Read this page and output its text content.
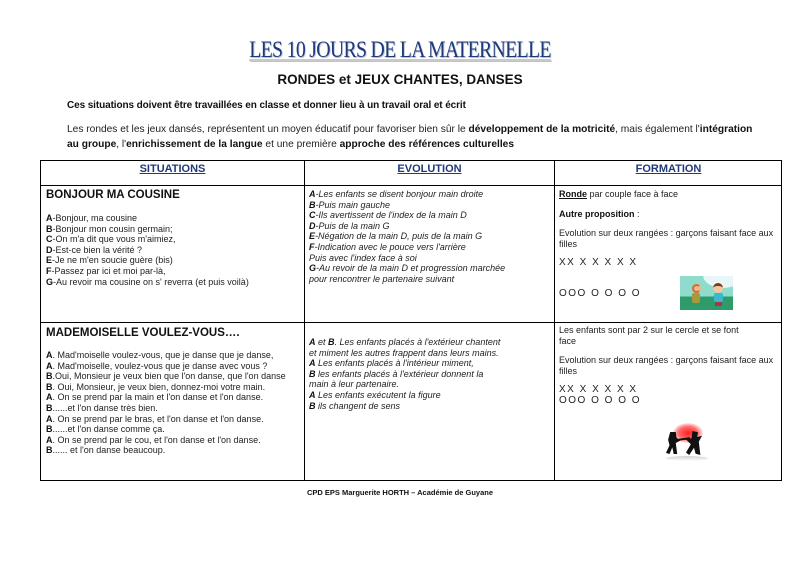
LES 10 JOURS DE LA MATERNELLE
RONDES et JEUX CHANTES, DANSES
Ces situations doivent être travaillées en classe et donner lieu à un travail oral et écrit
Les rondes et les jeux dansés, représentent un moyen éducatif pour favoriser bien sûr le développement de la motricité, mais également l'intégration au groupe, l'enrichissement de la langue et une première approche des références culturelles
SITUATIONS	EVOLUTION	FORMATION
BONJOUR MA COUSINE

A-Bonjour, ma cousine

B-Bonjour mon cousin germain;

C-On m'a dit que vous m'aimiez,

D-Est-ce bien la vérité ?

E-Je ne m'en soucie guère (bis)

F-Passez par ici et moi par-là,

G-Au revoir ma cousine on s' reverra (et puis voilà)

A-Les enfants se disent bonjour main droite

B-Puis main gauche

C-Ils avertissent de l'index de la main D

D-Puis de la main G

E-Négation de la main D, puis de la main G

F-Indication avec le pouce vers l'arrière

Puis avec l'index face à soi

G-Au revoir de la main D et progression marchée

pour rencontrer le partenaire suivant

Ronde par couple face à face

Autre proposition :

Evolution sur deux rangées : garçons faisant face aux filles

XX X X X X X

OOO O O O O

MADEMOISELLE VOULEZ-VOUS….

A. Mad'moiselle voulez-vous, que je danse que je danse,

A. Mad'moiselle, voulez-vous que je danse avec vous ?

B.Oui, Monsieur je veux bien que l'on danse, que l'on danse

B. Oui, Monsieur, je veux bien, donnez-moi votre main.

A. On se prend par la main et l'on danse et l'on danse.

B......et l'on danse très bien.

A. On se prend par le bras, et l'on danse et l'on danse.

B......et l'on danse comme ça.

A. On se prend par le cou, et l'on danse et l'on danse.

B...... et l'on danse beaucoup.

A et B. Les enfants placés à l'extérieur chantent

et miment les autres frappent dans leurs mains.

A Les enfants placés à l'intérieur miment,

B les enfants placés à l'extérieur donnent la

main à leur partenaire.

A Les enfants exécutent la figure

B ils changent de sens

Les enfants sont par 2 sur le cercle et se font face

Evolution sur deux rangées : garçons faisant face aux filles

XX X X X X X

OOO O O O O

CPD EPS Marguerite HORTH – Académie de Guyane
